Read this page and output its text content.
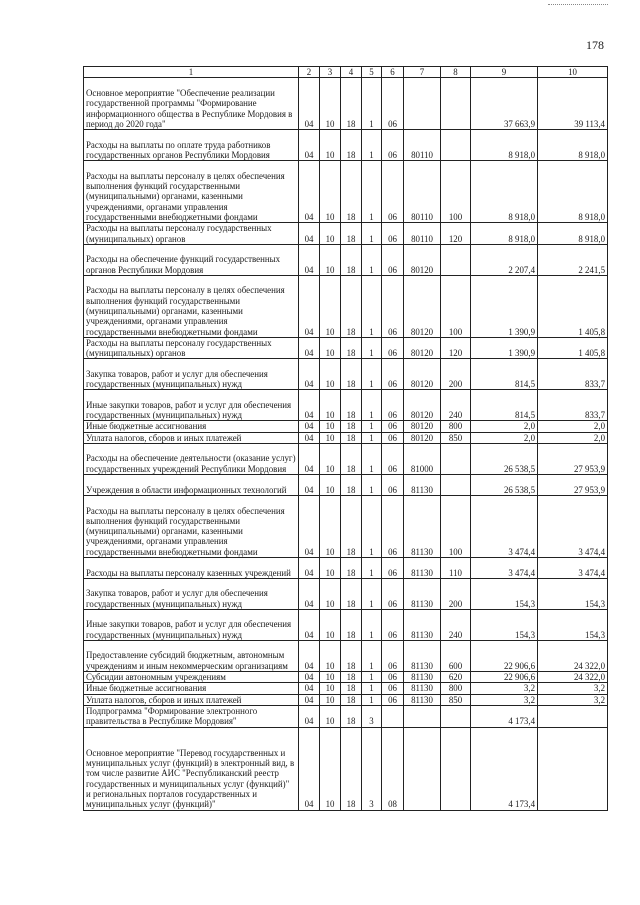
178
1	2	3	4	5	6	7	8	9	10
Основное мероприятие "Обеспечение реализации государственной программы "Формирование информационного общества в Республике Мордовия в период до 2020 года"	04	10	18	1	06			37 663,9	39 113,4
Расходы на выплаты по оплате труда работников государственных органов Республики Мордовия	04	10	18	1	06	80110		8 918,0	8 918,0
Расходы на выплаты персоналу в целях обеспечения выполнения функций государственными (муниципальными) органами, казенными учреждениями, органами управления государственными внебюджетными фондами	04	10	18	1	06	80110	100	8 918,0	8 918,0
Расходы на выплаты персоналу государственных (муниципальных) органов	04	10	18	1	06	80110	120	8 918,0	8 918,0
Расходы на обеспечение функций государственных органов Республики Мордовия	04	10	18	1	06	80120		2 207,4	2 241,5
Расходы на выплаты персоналу в целях обеспечения выполнения функций государственными (муниципальными) органами, казенными учреждениями, органами управления государственными внебюджетными фондами	04	10	18	1	06	80120	100	1 390,9	1 405,8
Расходы на выплаты персоналу государственных (муниципальных) органов	04	10	18	1	06	80120	120	1 390,9	1 405,8
Закупка товаров, работ и услуг для обеспечения государственных (муниципальных) нужд	04	10	18	1	06	80120	200	814,5	833,7
Иные закупки товаров, работ и услуг для обеспечения государственных (муниципальных) нужд	04	10	18	1	06	80120	240	814,5	833,7
Иные бюджетные ассигнования	04	10	18	1	06	80120	800	2,0	2,0
Уплата налогов, сборов и иных платежей	04	10	18	1	06	80120	850	2,0	2,0
Расходы на обеспечение деятельности (оказание услуг) государственных учреждений Республики Мордовия	04	10	18	1	06	81000		26 538,5	27 953,9
Учреждения в области информационных технологий	04	10	18	1	06	81130		26 538,5	27 953,9
Расходы на выплаты персоналу в целях обеспечения выполнения функций государственными (муниципальными) органами, казенными учреждениями, органами управления государственными внебюджетными фондами	04	10	18	1	06	81130	100	3 474,4	3 474,4
Расходы на выплаты персоналу казенных учреждений	04	10	18	1	06	81130	110	3 474,4	3 474,4
Закупка товаров, работ и услуг для обеспечения государственных (муниципальных) нужд	04	10	18	1	06	81130	200	154,3	154,3
Иные закупки товаров, работ и услуг для обеспечения государственных (муниципальных) нужд	04	10	18	1	06	81130	240	154,3	154,3
Предоставление субсидий бюджетным, автономным учреждениям и иным некоммерческим организациям	04	10	18	1	06	81130	600	22 906,6	24 322,0
Субсидии автономным учреждениям	04	10	18	1	06	81130	620	22 906,6	24 322,0
Иные бюджетные ассигнования	04	10	18	1	06	81130	800	3,2	3,2
Уплата налогов, сборов и иных платежей	04	10	18	1	06	81130	850	3,2	3,2
Подпрограмма "Формирование электронного правительства в Республике Мордовия"	04	10	18	3				4 173,4	
Основное мероприятие "Перевод государственных и муниципальных услуг (функций) в электронный вид, в том числе развитие АИС "Республиканский реестр государственных и муниципальных услуг (функций)" и региональных порталов государственных и муниципальных услуг (функций)"	04	10	18	3	08			4 173,4	
